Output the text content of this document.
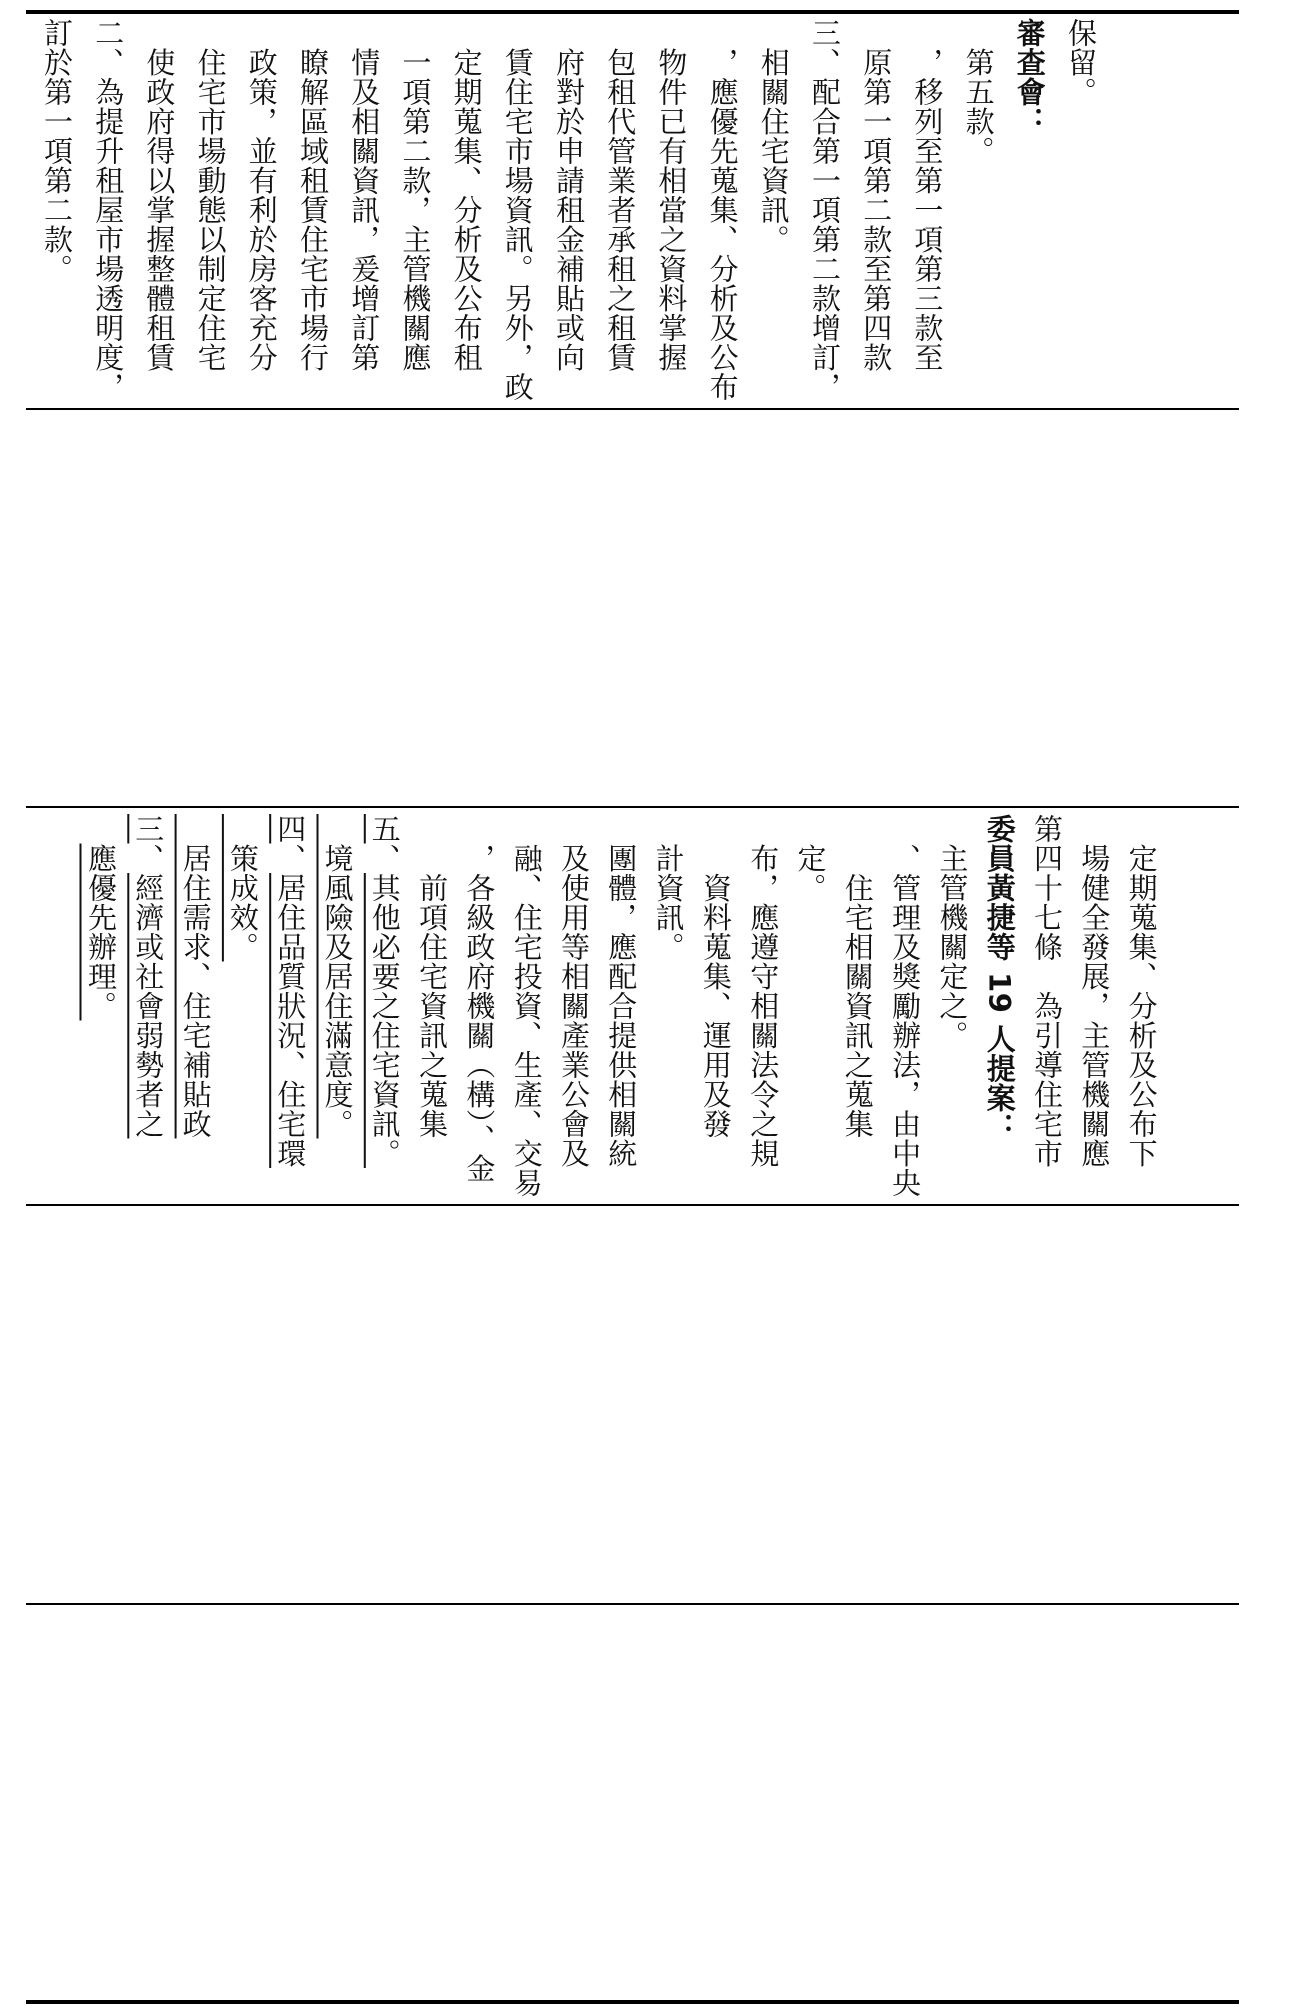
訂於第一項第二款。 二、為提升租屋市場透明度， 　使政府得以掌握整體租賃 　住宅市場動態以制定住宅 　政策，並有利於房客充分 　瞭解區域租賃住宅市場行 　情及相關資訊，爰增訂第 　一項第二款，主管機關應 　定期蒐集、分析及公布租 　賃住宅市場資訊。另外，政 　府對於申請租金補貼或向 　包租代管業者承租之租賃 　物件已有相當之資料掌握 　，應優先蒐集、分析及公布 　相關住宅資訊。 三、配合第一項第二款增訂， 　原第一項第二款至第四款 　，移列至第一項第三款至 　第五款。 審查會： 保留。
　應優先辦理。
三、經濟或社會弱勢者之 　居住需求、住宅補貼政 　策成效。 四、居住品質狀況、住宅環 　境風險及居住滿意度。 五、其他必要之住宅資訊。 　　前項住宅資訊之蒐集 　，各級政府機關（構）、金 　融、住宅投資、生產、交易 　及使用等相關產業公會及 　團體，應配合提供相關統 　計資訊。 　　資料蒐集、運用及發 　布，應遵守相關法令之規 　定。 　　住宅相關資訊之蒐集 　、管理及獎勵辦法，由中央 　主管機關定之。 委員黃捷等 19 人提案： 第四十七條　為引導住宅市 　場健全發展，主管機關應 　定期蒐集、分析及公布下
